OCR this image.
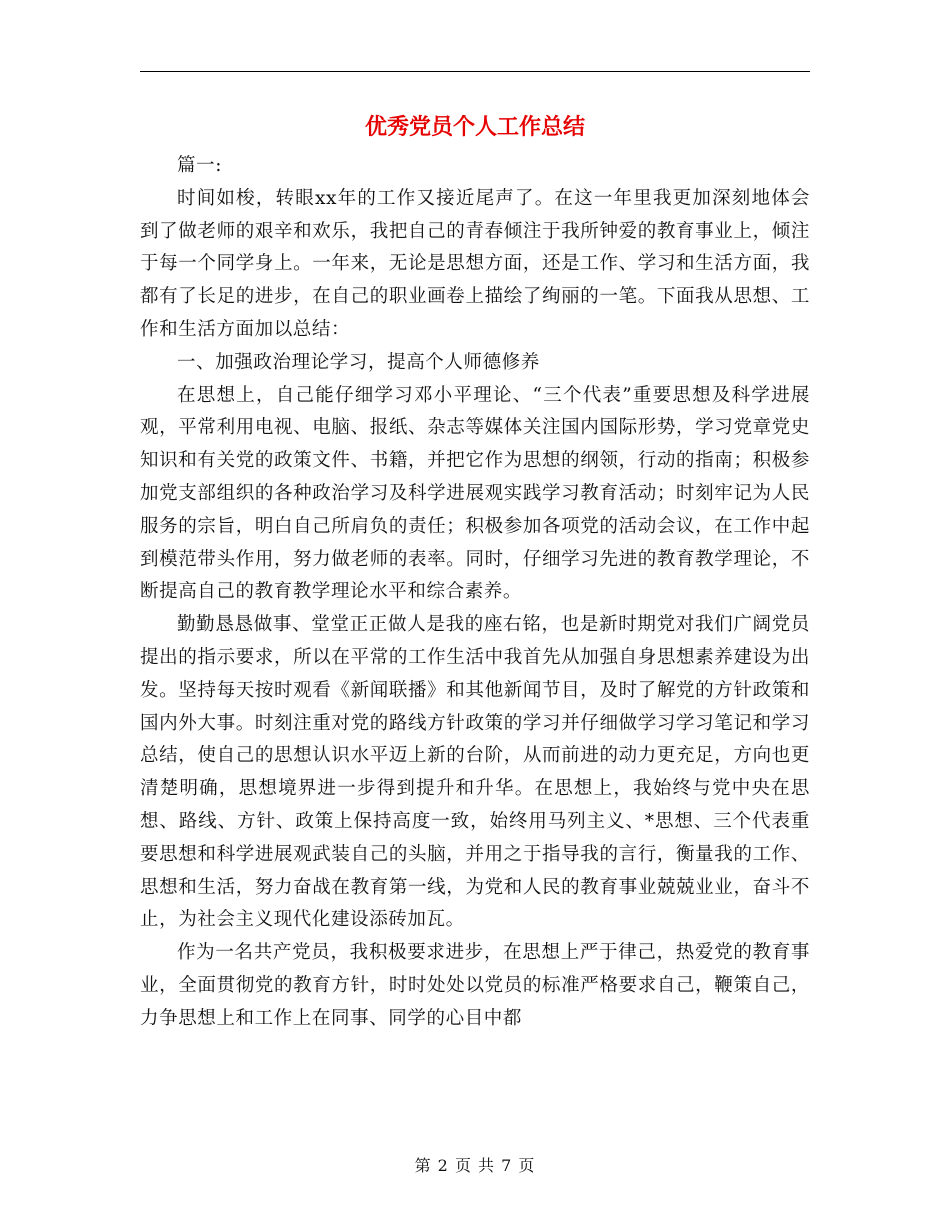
优秀党员个人工作总结

篇一:

时间如梭，转眼xx年的工作又接近尾声了。在这一年里我更加深刻地体会到了做老师的艰辛和欢乐，我把自己的青春倾注于我所钟爱的教育事业上，倾注于每一个同学身上。一年来，无论是思想方面，还是工作、学习和生活方面，我都有了长足的进步，在自己的职业画卷上描绘了绚丽的一笔。下面我从思想、工作和生活方面加以总结：

一、加强政治理论学习，提高个人师德修养

在思想上，自己能仔细学习邓小平理论、“三个代表”重要思想及科学进展观，平常利用电视、电脑、报纸、杂志等媒体关注国内国际形势，学习党章党史知识和有关党的政策文件、书籍，并把它作为思想的纲领，行动的指南；积极参加党支部组织的各种政治学习及科学进展观实践学习教育活动；时刻牢记为人民服务的宗旨，明白自己所肩负的责任；积极参加各项党的活动会议，在工作中起到模范带头作用，努力做老师的表率。同时，仔细学习先进的教育教学理论，不断提高自己的教育教学理论水平和综合素养。

勤勤恳恳做事、堂堂正正做人是我的座右铭，也是新时期党对我们广阔党员提出的指示要求，所以在平常的工作生活中我首先从加强自身思想素养建设为出发。坚持每天按时观看《新闻联播》和其他新闻节目，及时了解党的方针政策和国内外大事。时刻注重对党的路线方针政策的学习并仔细做学习学习笔记和学习总结，使自己的思想认识水平迈上新的台阶，从而前进的动力更充足，方向也更清楚明确，思想境界进一步得到提升和升华。在思想上，我始终与党中央在思想、路线、方针、政策上保持高度一致，始终用马列主义、*思想、三个代表重要思想和科学进展观武装自己的头脑，并用之于指导我的言行，衡量我的工作、思想和生活，努力奋战在教育第一线，为党和人民的教育事业兢兢业业，奋斗不止，为社会主义现代化建设添砖加瓦。

作为一名共产党员，我积极要求进步，在思想上严于律己，热爱党的教育事业，全面贯彻党的教育方针，时时处处以党员的标准严格要求自己，鞭策自己，力争思想上和工作上在同事、同学的心目中都

第 2 页 共 7 页
